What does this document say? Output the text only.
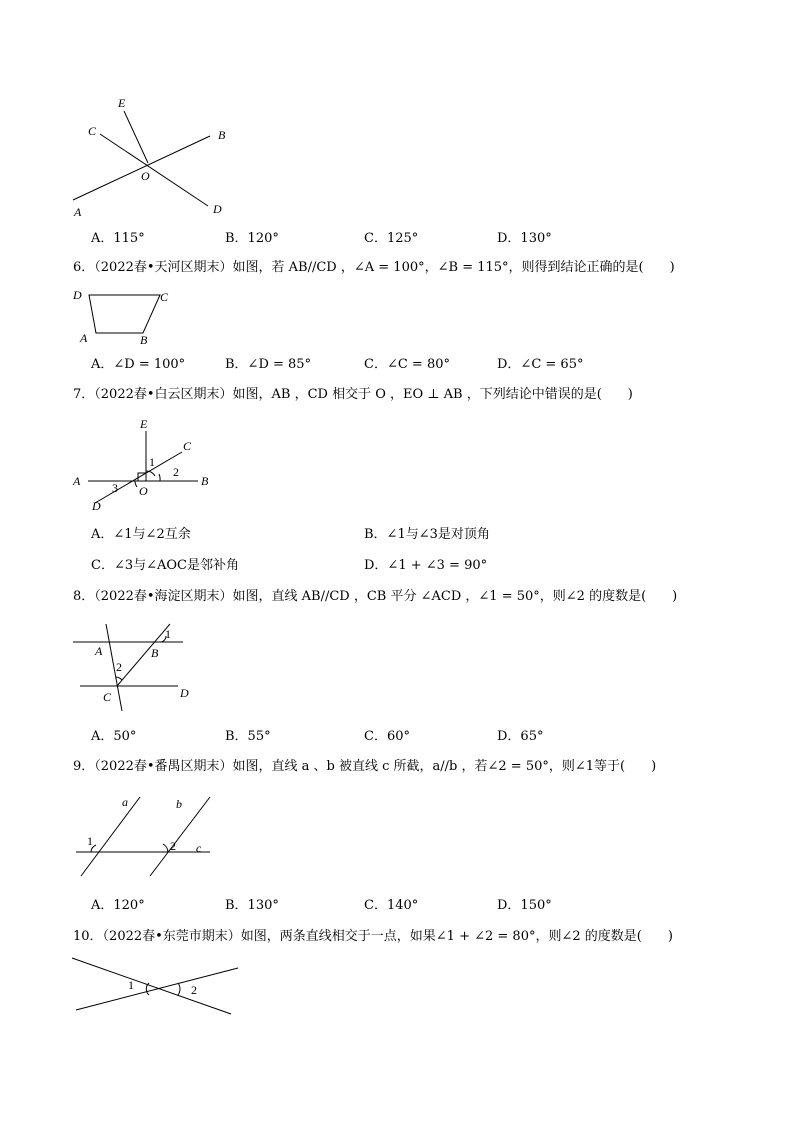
E
C	B
O
A	D
D	C
A	B
E
C
1
2
A	B
3 O
D
1
A	B
2
C	D
a	b
1	2 c
1	2
A．115°	B．120°	C．125°	D．130°
6．（2022春•天河区期末）如图，若 AB//CD ，∠A = 100°，∠B = 115°，则得到结论正确的是(　　)
A．∠D = 100°	B．∠D = 85°	C．∠C = 80°	D．∠C = 65°
7．（2022春•白云区期末）如图，AB ，CD 相交于 O ，EO ⊥ AB ，下列结论中错误的是(　　)
A．∠1与∠2互余	B．∠1与∠3是对顶角
C．∠3与∠AOC是邻补角	D．∠1 + ∠3 = 90°
8．（2022春•海淀区期末）如图，直线 AB//CD ，CB 平分 ∠ACD ，∠1 = 50°，则∠2 的度数是(　　)
A．50°	B．55°	C．60°	D．65°
9．（2022春•番禺区期末）如图，直线 a 、b 被直线 c 所截，a//b ，若∠2 = 50°，则∠1等于(　　)
A．120°	B．130°	C．140°	D．150°
10．（2022春•东莞市期末）如图，两条直线相交于一点，如果∠1 + ∠2 = 80°，则∠2 的度数是(　　)
